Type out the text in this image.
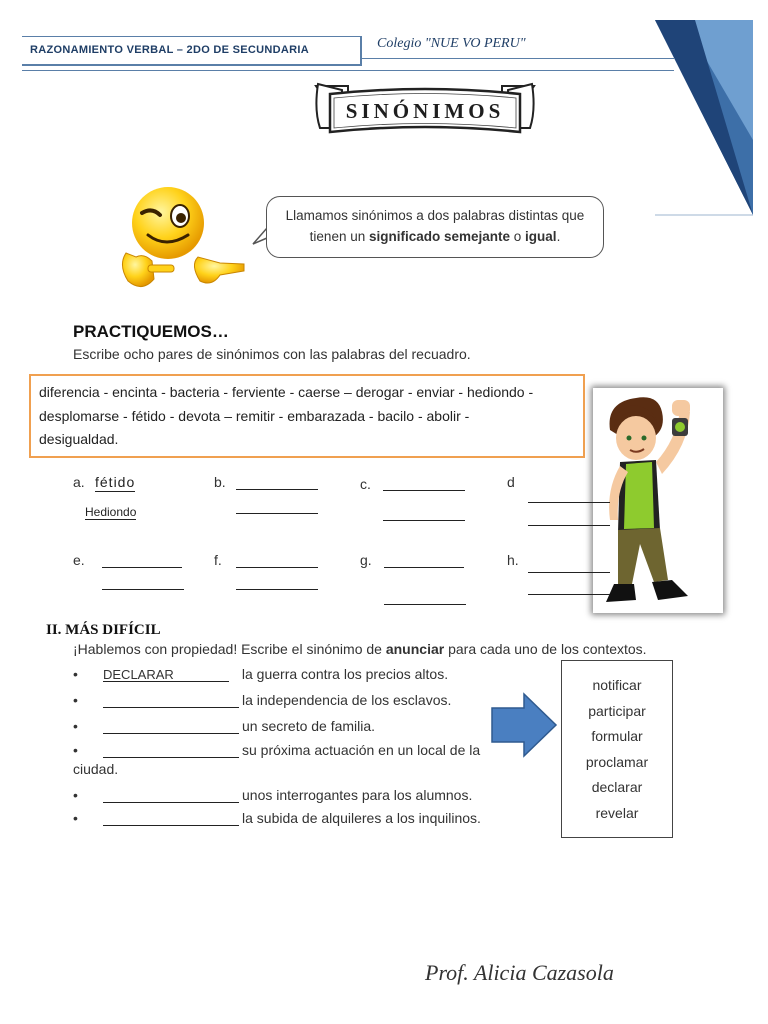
RAZONAMIENTO VERBAL – 2DO DE SECUNDARIA	Colegio "NUE VO PERU"
SINÓNIMOS
Llamamos sinónimos a dos palabras distintas que
tienen un significado semejante o igual.
PRACTIQUEMOS…
Escribe ocho pares de sinónimos con las palabras del recuadro.
diferencia - encinta - bacteria - ferviente - caerse – derogar - enviar - hediondo -
desplomarse - fétido - devota – remitir - embarazada - bacilo - abolir -
desigualdad.
a. fétido
Hediondo
b.	c.	d
e.	f.	g.	h.
II. MÁS DIFÍCIL
¡Hablemos con propiedad! Escribe el sinónimo de anunciar para cada uno de los contextos.
• DECLARAR	la guerra contra los precios altos.
•	la independencia de los esclavos.
•	un secreto de familia.
•	su próxima actuación en un local de la
ciudad.
•	unos interrogantes para los alumnos.
•	la subida de alquileres a los inquilinos.
notificar
participar
formular
proclamar
declarar
revelar
Prof. Alicia Cazasola
